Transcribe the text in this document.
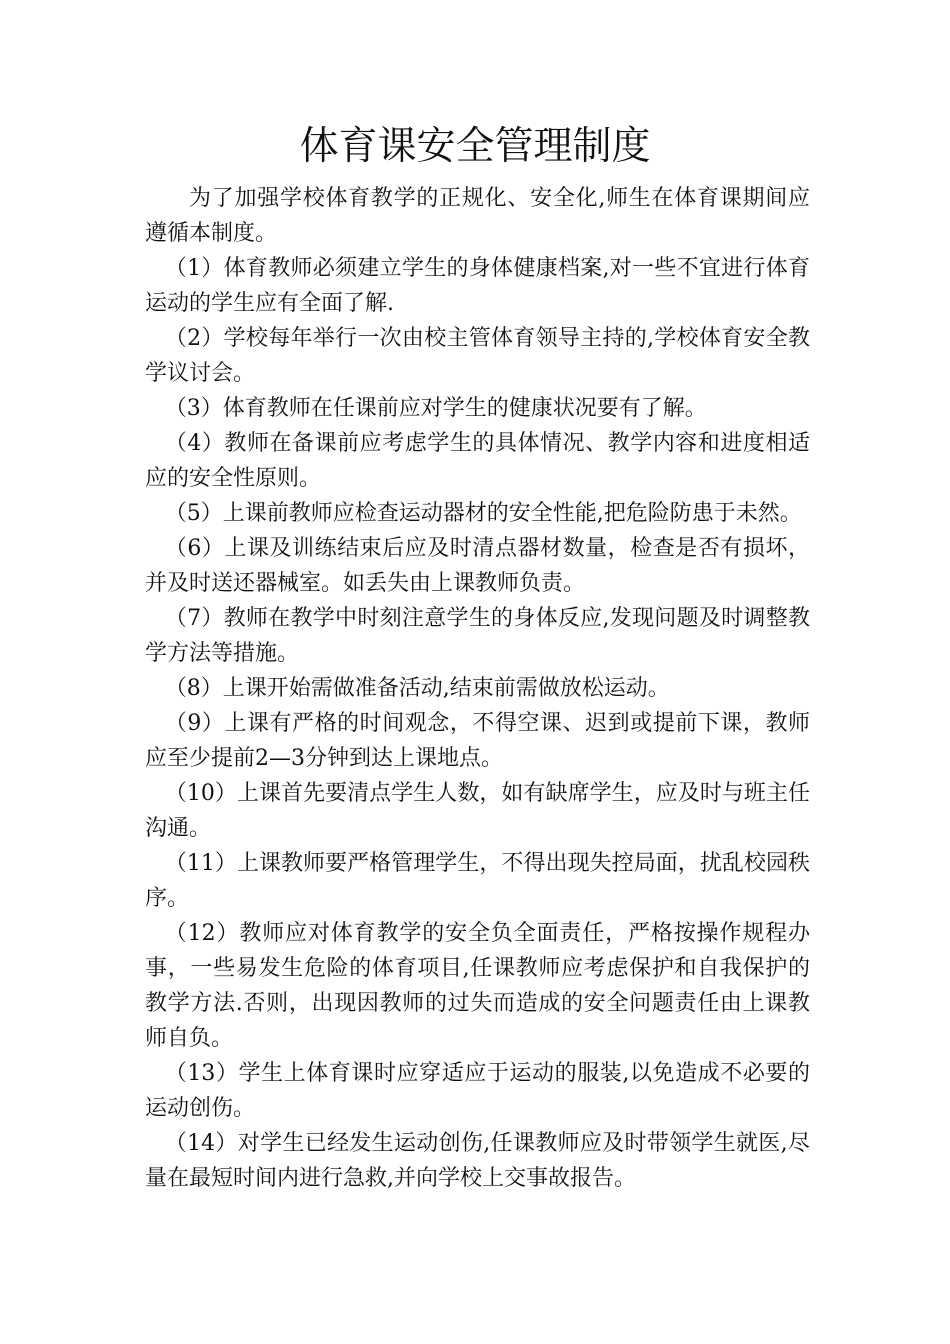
体育课安全管理制度

为了加强学校体育教学的正规化、安全化,师生在体育课期间应遵循本制度。

（1）体育教师必须建立学生的身体健康档案,对一些不宜进行体育运动的学生应有全面了解.

（2）学校每年举行一次由校主管体育领导主持的,学校体育安全教学议讨会。

（3）体育教师在任课前应对学生的健康状况要有了解。

（4）教师在备课前应考虑学生的具体情况、教学内容和进度相适应的安全性原则。

（5）上课前教师应检查运动器材的安全性能,把危险防患于未然。

（6）上课及训练结束后应及时清点器材数量，检查是否有损坏，并及时送还器械室。如丢失由上课教师负责。

（7）教师在教学中时刻注意学生的身体反应,发现问题及时调整教学方法等措施。

（8）上课开始需做准备活动,结束前需做放松运动。

（9）上课有严格的时间观念，不得空课、迟到或提前下课，教师应至少提前2—3分钟到达上课地点。

（10）上课首先要清点学生人数，如有缺席学生，应及时与班主任沟通。

（11）上课教师要严格管理学生，不得出现失控局面，扰乱校园秩序。

（12）教师应对体育教学的安全负全面责任，严格按操作规程办事，一些易发生危险的体育项目,任课教师应考虑保护和自我保护的教学方法.否则，出现因教师的过失而造成的安全问题责任由上课教师自负。

（13）学生上体育课时应穿适应于运动的服装,以免造成不必要的运动创伤。

（14）对学生已经发生运动创伤,任课教师应及时带领学生就医,尽量在最短时间内进行急救,并向学校上交事故报告。
